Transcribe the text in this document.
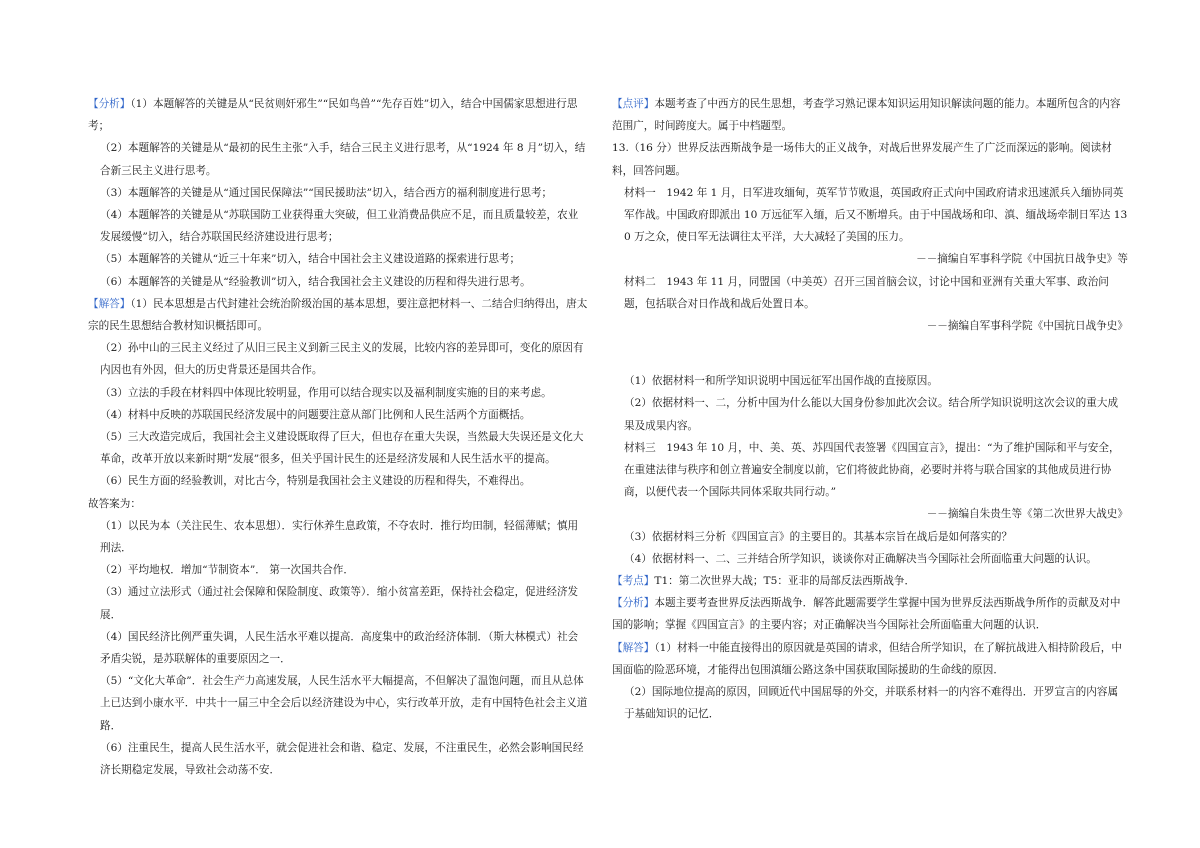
【分析】（1）本题解答的关键是从“民贫则奸邪生”“民如鸟兽”“先存百姓”切入，结合中国儒家思想进行思考；

（2）本题解答的关键是从“最初的民生主张”入手，结合三民主义进行思考，从“1924 年 8 月”切入，结合新三民主义进行思考。

（3）本题解答的关键是从“通过国民保障法”“国民援助法”切入，结合西方的福利制度进行思考；

（4）本题解答的关键是从“苏联国防工业获得重大突破，但工业消费品供应不足，而且质量较差，农业发展缓慢”切入，结合苏联国民经济建设进行思考；

（5）本题解答的关键从“近三十年来”切入，结合中国社会主义建设道路的探索进行思考；

（6）本题解答的关键是从“经验教训”切入，结合我国社会主义建设的历程和得失进行思考。

【解答】（1）民本思想是古代封建社会统治阶级治国的基本思想，要注意把材料一、二结合归纳得出，唐太宗的民生思想结合教材知识概括即可。

（2）孙中山的三民主义经过了从旧三民主义到新三民主义的发展，比较内容的差异即可，变化的原因有内因也有外因，但大的历史背景还是国共合作。

（3）立法的手段在材料四中体现比较明显，作用可以结合现实以及福利制度实施的目的来考虑。

（4）材料中反映的苏联国民经济发展中的问题要注意从部门比例和人民生活两个方面概括。

（5）三大改造完成后，我国社会主义建设既取得了巨大，但也存在重大失误，当然最大失误还是文化大革命，改革开放以来新时期“发展”很多，但关乎国计民生的还是经济发展和人民生活水平的提高。

（6）民生方面的经验教训，对比古今，特别是我国社会主义建设的历程和得失，不难得出。

故答案为：

（1）以民为本（关注民生、农本思想）．实行休养生息政策，不夺农时．推行均田制，轻徭薄赋；慎用刑法．

（2）平均地权．增加“节制资本”． 第一次国共合作．

（3）通过立法形式（通过社会保障和保险制度、政策等）．缩小贫富差距，保持社会稳定，促进经济发展．

（4）国民经济比例严重失调，人民生活水平难以提高．高度集中的政治经济体制．（斯大林模式）社会矛盾尖锐，是苏联解体的重要原因之一．

（5）“文化大革命”．社会生产力高速发展，人民生活水平大幅提高，不但解决了温饱问题，而且从总体上已达到小康水平．中共十一届三中全会后以经济建设为中心，实行改革开放，走有中国特色社会主义道路．

（6）注重民生，提高人民生活水平，就会促进社会和谐、稳定、发展，不注重民生，必然会影响国民经济长期稳定发展，导致社会动荡不安．

【点评】本题考查了中西方的民生思想，考查学习熟记课本知识运用知识解读问题的能力。本题所包含的内容范围广，时间跨度大。属于中档题型。

13.（16 分）世界反法西斯战争是一场伟大的正义战争，对战后世界发展产生了广泛而深远的影响。阅读材料，回答问题。

材料一　1942 年 1 月，日军进攻缅甸，英军节节败退，英国政府正式向中国政府请求迅速派兵入缅协同英军作战。中国政府即派出 10 万远征军入缅，后又不断增兵。由于中国战场和印、滇、缅战场牵制日军达 130 万之众，使日军无法调往太平洋，大大减轻了美国的压力。

－－摘编自军事科学院《中国抗日战争史》等

材料二　1943 年 11 月，同盟国（中美英）召开三国首脑会议，讨论中国和亚洲有关重大军事、政治问题，包括联合对日作战和战后处置日本。

－－摘编自军事科学院《中国抗日战争史》

（1）依据材料一和所学知识说明中国远征军出国作战的直接原因。

（2）依据材料一、二，分析中国为什么能以大国身份参加此次会议。结合所学知识说明这次会议的重大成果及成果内容。

材料三　1943 年 10 月，中、美、英、苏四国代表签署《四国宣言》，提出：“为了维护国际和平与安全，在重建法律与秩序和创立普遍安全制度以前，它们将彼此协商，必要时并将与联合国家的其他成员进行协商，以便代表一个国际共同体采取共同行动。”

－－摘编自朱贵生等《第二次世界大战史》

（3）依据材料三分析《四国宣言》的主要目的。其基本宗旨在战后是如何落实的？

（4）依据材料一、二、三并结合所学知识，谈谈你对正确解决当今国际社会所面临重大问题的认识。

【考点】T1：第二次世界大战；T5：亚非的局部反法西斯战争．

【分析】本题主要考查世界反法西斯战争．解答此题需要学生掌握中国为世界反法西斯战争所作的贡献及对中国的影响；掌握《四国宣言》的主要内容；对正确解决当今国际社会所面临重大问题的认识．

【解答】（1）材料一中能直接得出的原因就是英国的请求，但结合所学知识，在了解抗战进入相持阶段后，中国面临的险恶环境，才能得出包围滇缅公路这条中国获取国际援助的生命线的原因．

（2）国际地位提高的原因，回顾近代中国屈辱的外交，并联系材料一的内容不难得出．开罗宣言的内容属于基础知识的记忆．
